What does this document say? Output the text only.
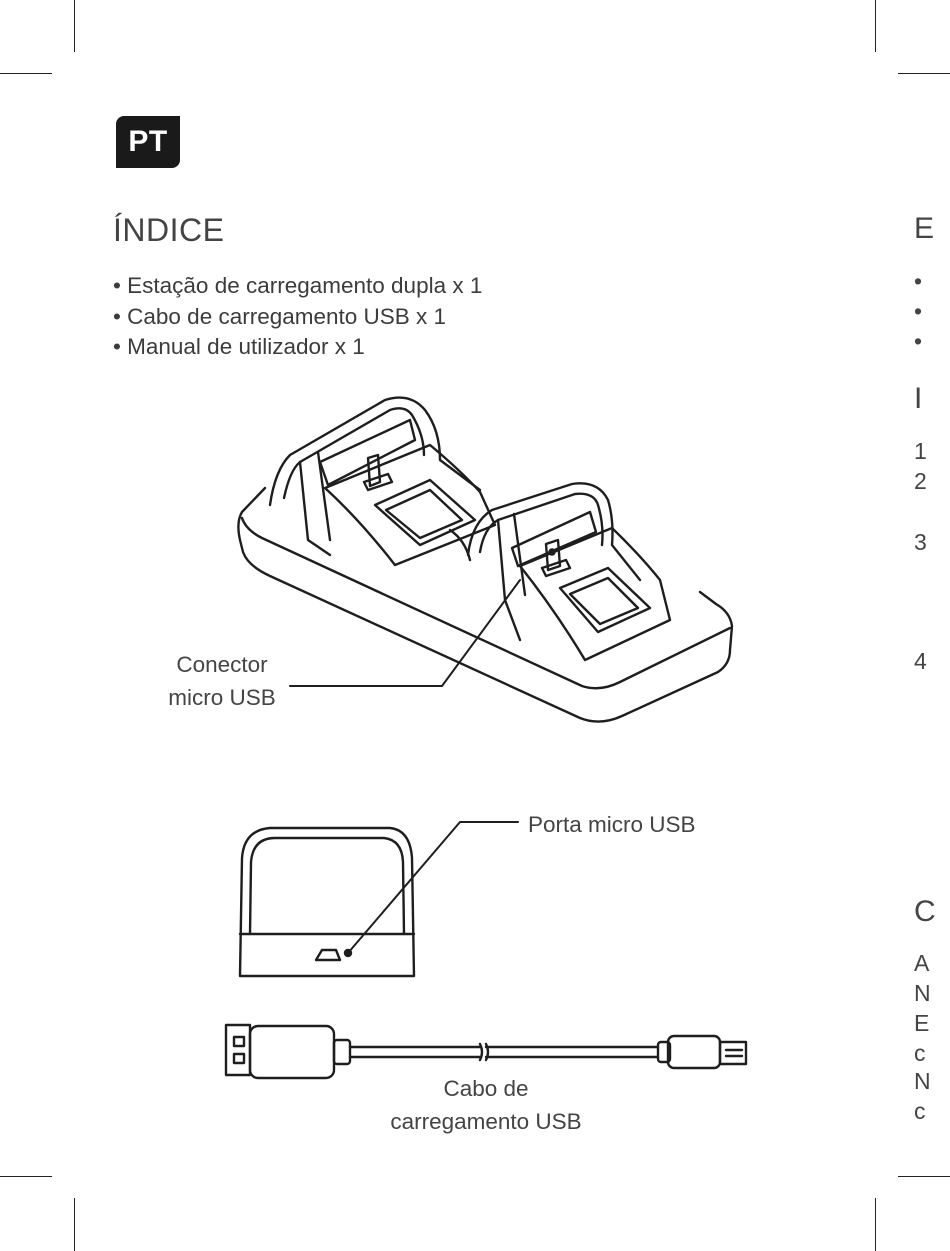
PT
ÍNDICE
• Estação de carregamento dupla x 1
• Cabo de carregamento USB x 1
• Manual de utilizador x 1
Conector
micro USB
Porta micro USB
Cabo de
carregamento USB
E
•
•
•
I
1
2
3
4
C
A
N
E
c
N
c
